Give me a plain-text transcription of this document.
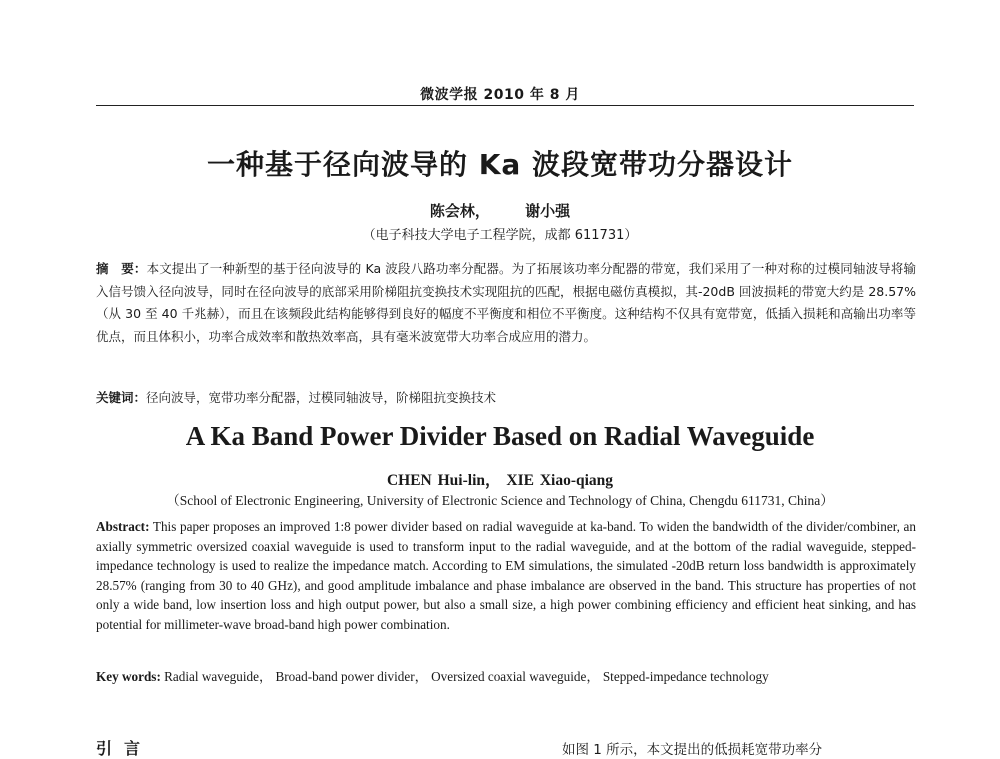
微波学报 2010 年 8 月
一种基于径向波导的 Ka 波段宽带功分器设计
陈会林， 谢小强
（电子科技大学电子工程学院，成都 611731）
摘　要：本文提出了一种新型的基于径向波导的 Ka 波段八路功率分配器。为了拓展该功率分配器的带宽，我们采用了一种对称的过模同轴波导将输入信号馈入径向波导，同时在径向波导的底部采用阶梯阻抗变换技术实现阻抗的匹配，根据电磁仿真模拟，其-20dB 回波损耗的带宽大约是 28.57%（从 30 至 40 千兆赫），而且在该频段此结构能够得到良好的幅度不平衡度和相位不平衡度。这种结构不仅具有宽带宽，低插入损耗和高输出功率等优点，而且体积小，功率合成效率和散热效率高，具有毫米波宽带大功率合成应用的潜力。
关键词：径向波导，宽带功率分配器，过模同轴波导，阶梯阻抗变换技术
A Ka Band Power Divider Based on Radial Waveguide
CHEN Hui-lin， XIE Xiao-qiang
（School of Electronic Engineering, University of Electronic Science and Technology of China, Chengdu 611731, China）
Abstract: This paper proposes an improved 1:8 power divider based on radial waveguide at ka-band. To widen the bandwidth of the divider/combiner, an axially symmetric oversized coaxial waveguide is used to transform input to the radial waveguide, and at the bottom of the radial waveguide, stepped-impedance technology is used to realize the impedance match. According to EM simulations, the simulated -20dB return loss bandwidth is approximately 28.57% (ranging from 30 to 40 GHz), and good amplitude imbalance and phase imbalance are observed in the band. This structure has properties of not only a wide band, low insertion loss and high output power, but also a small size, a high power combining efficiency and efficient heat sinking, and has potential for millimeter-wave broad-band high power combination.
Key words: Radial waveguide， Broad-band power divider， Oversized coaxial waveguide， Stepped-impedance technology
引言	如图 1 所示，本文提出的低损耗宽带功率分
